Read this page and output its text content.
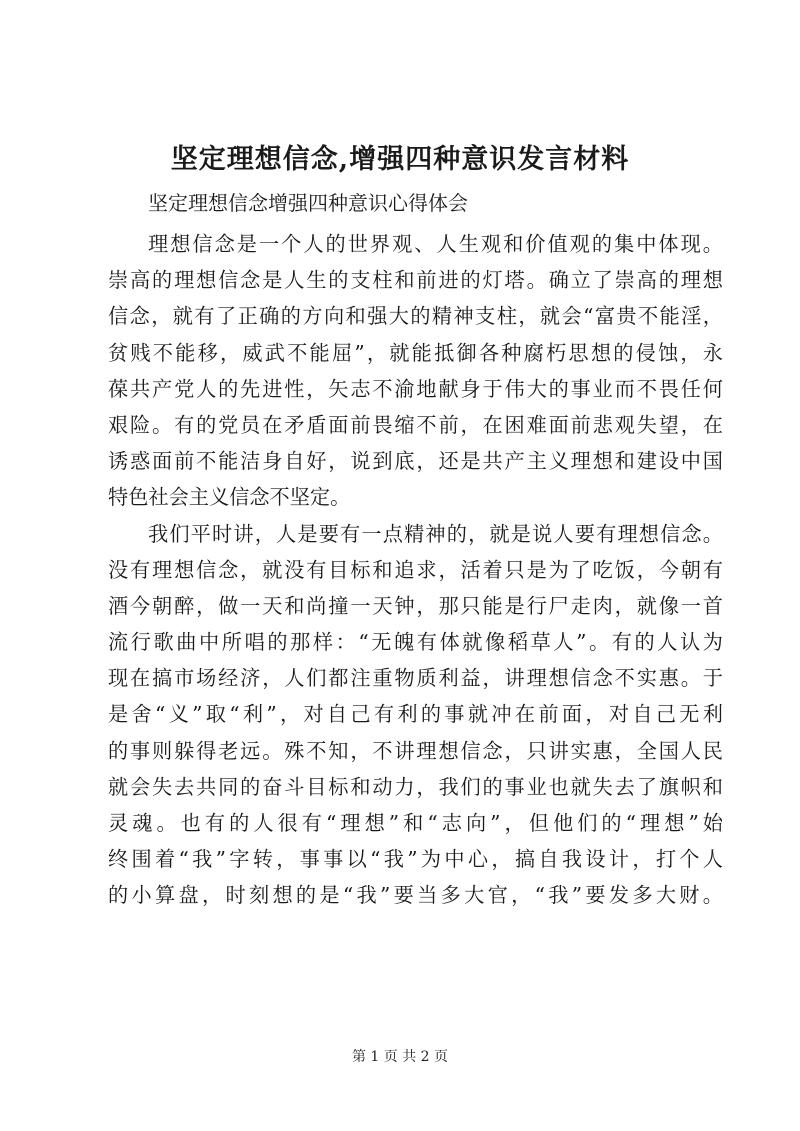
坚定理想信念,增强四种意识发言材料

坚定理想信念增强四种意识心得体会

理想信念是一个人的世界观、人生观和价值观的集中体现。
崇高的理想信念是人生的支柱和前进的灯塔。确立了崇高的理想
信念，就有了正确的方向和强大的精神支柱，就会“富贵不能淫，
贫贱不能移，威武不能屈”，就能抵御各种腐朽思想的侵蚀，永
葆共产党人的先进性，矢志不渝地献身于伟大的事业而不畏任何
艰险。有的党员在矛盾面前畏缩不前，在困难面前悲观失望，在
诱惑面前不能洁身自好，说到底，还是共产主义理想和建设中国
特色社会主义信念不坚定。
我们平时讲，人是要有一点精神的，就是说人要有理想信念。
没有理想信念，就没有目标和追求，活着只是为了吃饭，今朝有
酒今朝醉，做一天和尚撞一天钟，那只能是行尸走肉，就像一首
流行歌曲中所唱的那样：“无魄有体就像稻草人”。有的人认为
现在搞市场经济，人们都注重物质利益，讲理想信念不实惠。于
是舍“义”取“利”，对自己有利的事就冲在前面，对自己无利
的事则躲得老远。殊不知，不讲理想信念，只讲实惠，全国人民
就会失去共同的奋斗目标和动力，我们的事业也就失去了旗帜和
灵魂。也有的人很有“理想”和“志向”，但他们的“理想”始
终围着“我”字转，事事以“我”为中心，搞自我设计，打个人
的小算盘，时刻想的是“我”要当多大官，“我”要发多大财。
第 1 页 共 2 页
